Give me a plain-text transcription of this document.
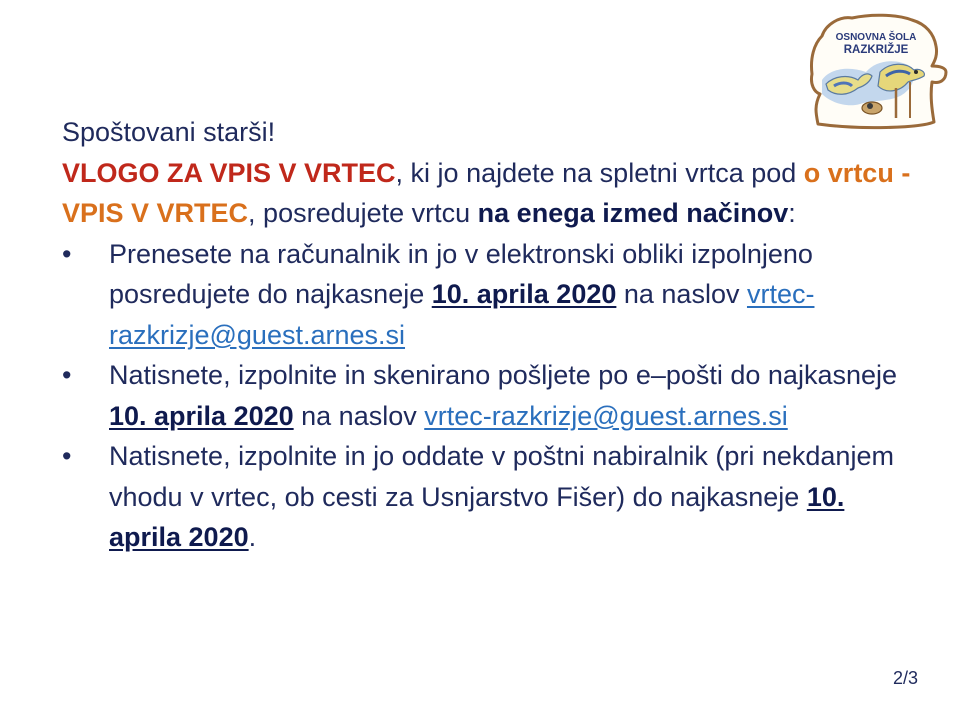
OSNOVNA ŠOLA
RAZKRIŽJE

Spoštovani starši!

VLOGO ZA VPIS V VRTEC, ki jo najdete na spletni vrtca pod o vrtcu - VPIS V VRTEC, posredujete vrtcu na enega izmed načinov:

•	Prenesete na računalnik in jo v elektronski obliki izpolnjeno posredujete do najkasneje 10. aprila 2020 na naslov vrtec-razkrizje@guest.arnes.si
•	Natisnete, izpolnite in skenirano pošljete po e–pošti do najkasneje 10. aprila 2020 na naslov vrtec-razkrizje@guest.arnes.si
•	Natisnete, izpolnite in jo oddate v poštni nabiralnik (pri nekdanjem vhodu v vrtec, ob cesti za Usnjarstvo Fišer) do najkasneje 10. aprila 2020.
2/3
